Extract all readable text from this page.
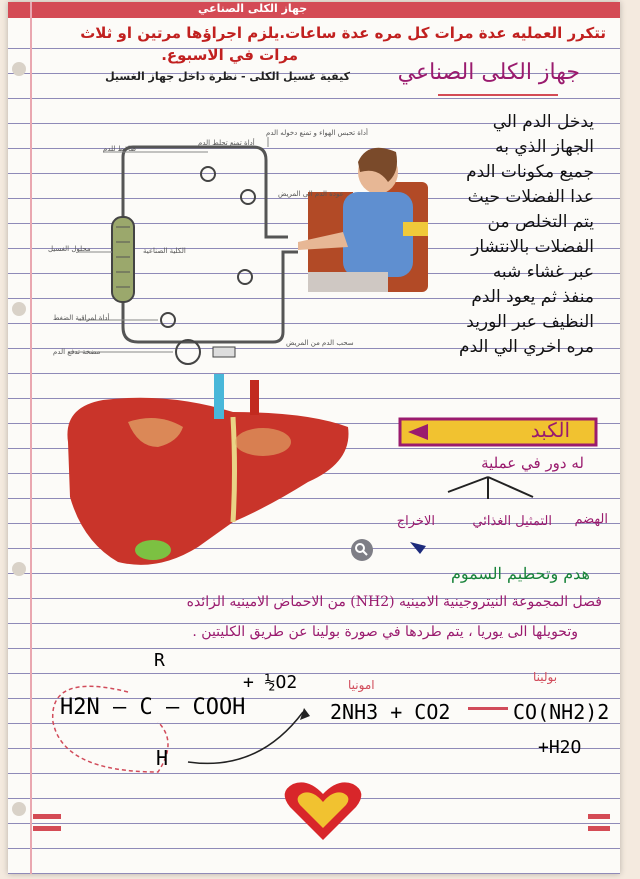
جهاز الكلى الصناعي
تتكرر العمليه عدة مرات كل مره عدة ساعات.يلزم اجراؤها مرتين او ثلاث
مرات في الاسبوع.
جهاز الكلى الصناعي
كيفية غسيل الكلى - نظرة داخل جهاز الغسيل
أداة تحبس الهواء و تمنع دخوله الدم
ضاغط للدم
أداة تمنع تجلط الدم
عودة الدم الى المريض
الكلية الصناعية
محلول الغسيل
أداة لمراقبة الضغط
مضخة تدفع الدم
سحب الدم من المريض
يدخل الدم الي
الجهاز الذي به
جميع مكونات الدم
عدا الفضلات حيث
يتم التخلص من
الفضلات بالانتشار
عبر غشاء شبه
منفذ ثم يعود الدم
النظيف عبر الوريد
مره اخري الي الدم
الكبد
له دور في عملية
الهضم
التمثيل الغذائي
الاخراج
هدم وتحطيم السموم
فصل المجموعة النيتروجينية الامينيه (NH2) من الاحماض الامينيه الزائده
وتحويلها الى يوريا ، يتم طردها في صورة بولينا عن طريق الكليتين .
R
H2N – C – COOH
H
+ ½O2	امونيا
2NH3 + CO2
بولينا
CO(NH2)2
+H2O
